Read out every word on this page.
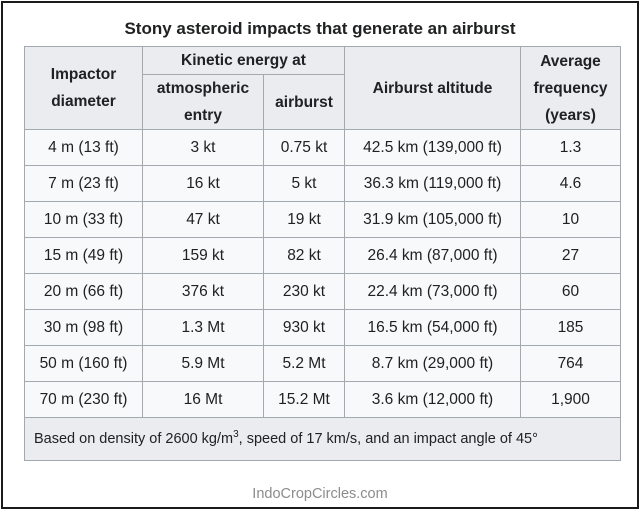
Stony asteroid impacts that generate an airburst
Impactor diameter	Kinetic energy at		Airburst altitude	Average frequency (years)
	atmospheric entry	airburst		
4 m (13 ft)	3 kt	0.75 kt	42.5 km (139,000 ft)	1.3
7 m (23 ft)	16 kt	5 kt	36.3 km (119,000 ft)	4.6
10 m (33 ft)	47 kt	19 kt	31.9 km (105,000 ft)	10
15 m (49 ft)	159 kt	82 kt	26.4 km (87,000 ft)	27
20 m (66 ft)	376 kt	230 kt	22.4 km (73,000 ft)	60
30 m (98 ft)	1.3 Mt	930 kt	16.5 km (54,000 ft)	185
50 m (160 ft)	5.9 Mt	5.2 Mt	8.7 km (29,000 ft)	764
70 m (230 ft)	16 Mt	15.2 Mt	3.6 km (12,000 ft)	1,900
Based on density of 2600 $kg/m^3$, speed of 17 km/s, and an impact angle of 45°				
IndoCropCircles.com
